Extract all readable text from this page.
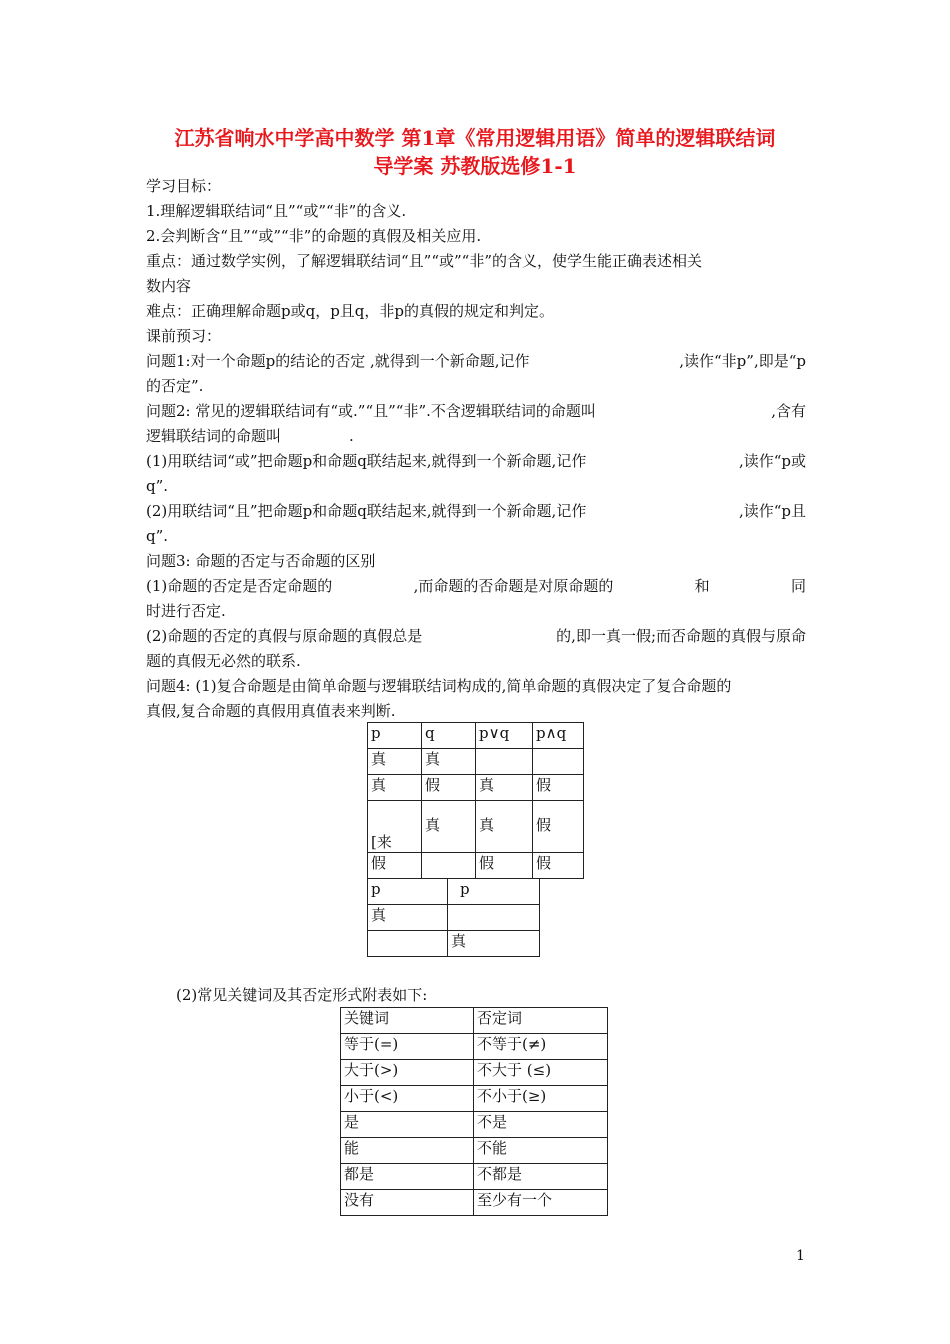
江苏省响水中学高中数学 第1章《常用逻辑用语》简单的逻辑联结词
导学案 苏教版选修1-1
学习目标：
1.理解逻辑联结词“且”“或”“非”的含义.
2.会判断含“且”“或”“非”的命题的真假及相关应用.
重点：通过数学实例，了解逻辑联结词“且”“或”“非”的含义，使学生能正确表述相关
数内容
难点：正确理解命题p或q，p且q，非p的真假的规定和判定。
课前预习：
问题1:对一个命题p的结论的否定 ,就得到一个新命题,记作	,读作“非p”,即是“p
的否定”.
问题2: 常见的逻辑联结词有“或.”“且”“非”.不含逻辑联结词的命题叫	,含有
逻辑联结词的命题叫	.
(1)用联结词“或”把命题p和命题q联结起来,就得到一个新命题,记作	,读作“p或
q”.
(2)用联结词“且”把命题p和命题q联结起来,就得到一个新命题,记作	,读作“p且
q”.
问题3: 命题的否定与否命题的区别
(1)命题的否定是否定命题的	,而命题的否命题是对原命题的	和	同
时进行否定.
(2)命题的否定的真假与原命题的真假总是	的,即一真一假;而否命题的真假与原命
题的真假无必然的联系.
问题4: (1)复合命题是由简单命题与逻辑联结词构成的,简单命题的真假决定了复合命题的
真假,复合命题的真假用真值表来判断.
p	q	p∨q	p∧q
真	真		
真	假	真	假
[来	真	真	假
假		假	假
p	p
真	
	真
(2)常见关键词及其否定形式附表如下:
关键词	否定词
等于(=)	不等于(≠)
大于(>)	不大于 (≤)
小于(<)	不小于(≥)
是	不是
能	不能
都是	不都是
没有	至少有一个
1
